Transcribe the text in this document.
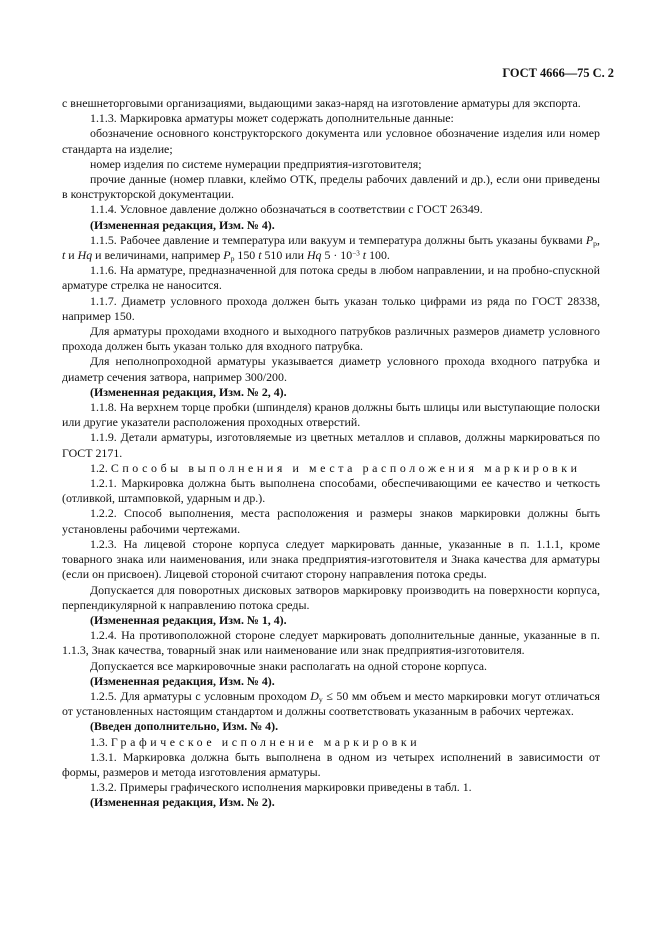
ГОСТ 4666—75 С. 2

с внешнеторговыми организациями, выдающими заказ-наряд на изготовление арматуры для экспорта.

1.1.3. Маркировка арматуры может содержать дополнительные данные:

обозначение основного конструкторского документа или условное обозначение изделия или номер стандарта на изделие;

номер изделия по системе нумерации предприятия-изготовителя;

прочие данные (номер плавки, клеймо ОТК, пределы рабочих давлений и др.), если они приведены в конструкторской документации.

1.1.4. Условное давление должно обозначаться в соответствии с ГОСТ 26349.

(Измененная редакция, Изм. № 4).

1.1.5. Рабочее давление и температура или вакуум и температура должны быть указаны буквами $P_p$, t и Hq и величинами, например $P_p$ 150 t 510 или Hq $5 \cdot 10^{-3}$ t 100.

1.1.6. На арматуре, предназначенной для потока среды в любом направлении, и на пробно-спускной арматуре стрелка не наносится.

1.1.7. Диаметр условного прохода должен быть указан только цифрами из ряда по ГОСТ 28338, например 150.

Для арматуры проходами входного и выходного патрубков различных размеров диаметр условного прохода должен быть указан только для входного патрубка.

Для неполнопроходной арматуры указывается диаметр условного прохода входного патрубка и диаметр сечения затвора, например 300/200.

(Измененная редакция, Изм. № 2, 4).

1.1.8. На верхнем торце пробки (шпинделя) кранов должны быть шлицы или выступающие полоски или другие указатели расположения проходных отверстий.

1.1.9. Детали арматуры, изготовляемые из цветных металлов и сплавов, должны маркироваться по ГОСТ 2171.

1.2. Способы выполнения и места расположения маркировки

1.2.1. Маркировка должна быть выполнена способами, обеспечивающими ее качество и четкость (отливкой, штамповкой, ударным и др.).

1.2.2. Способ выполнения, места расположения и размеры знаков маркировки должны быть установлены рабочими чертежами.

1.2.3. На лицевой стороне корпуса следует маркировать данные, указанные в п. 1.1.1, кроме товарного знака или наименования, или знака предприятия-изготовителя и Знака качества для арматуры (если он присвоен). Лицевой стороной считают сторону направления потока среды.

Допускается для поворотных дисковых затворов маркировку производить на поверхности корпуса, перпендикулярной к направлению потока среды.

(Измененная редакция, Изм. № 1, 4).

1.2.4. На противоположной стороне следует маркировать дополнительные данные, указанные в п. 1.1.3, Знак качества, товарный знак или наименование или знак предприятия-изготовителя.

Допускается все маркировочные знаки располагать на одной стороне корпуса.

(Измененная редакция, Изм. № 4).

1.2.5. Для арматуры с условным проходом $D_у \le 50$ мм объем и место маркировки могут отличаться от установленных настоящим стандартом и должны соответствовать указанным в рабочих чертежах.

(Введен дополнительно, Изм. № 4).

1.3. Графическое исполнение маркировки

1.3.1. Маркировка должна быть выполнена в одном из четырех исполнений в зависимости от формы, размеров и метода изготовления арматуры.

1.3.2. Примеры графического исполнения маркировки приведены в табл. 1.

(Измененная редакция, Изм. № 2).
